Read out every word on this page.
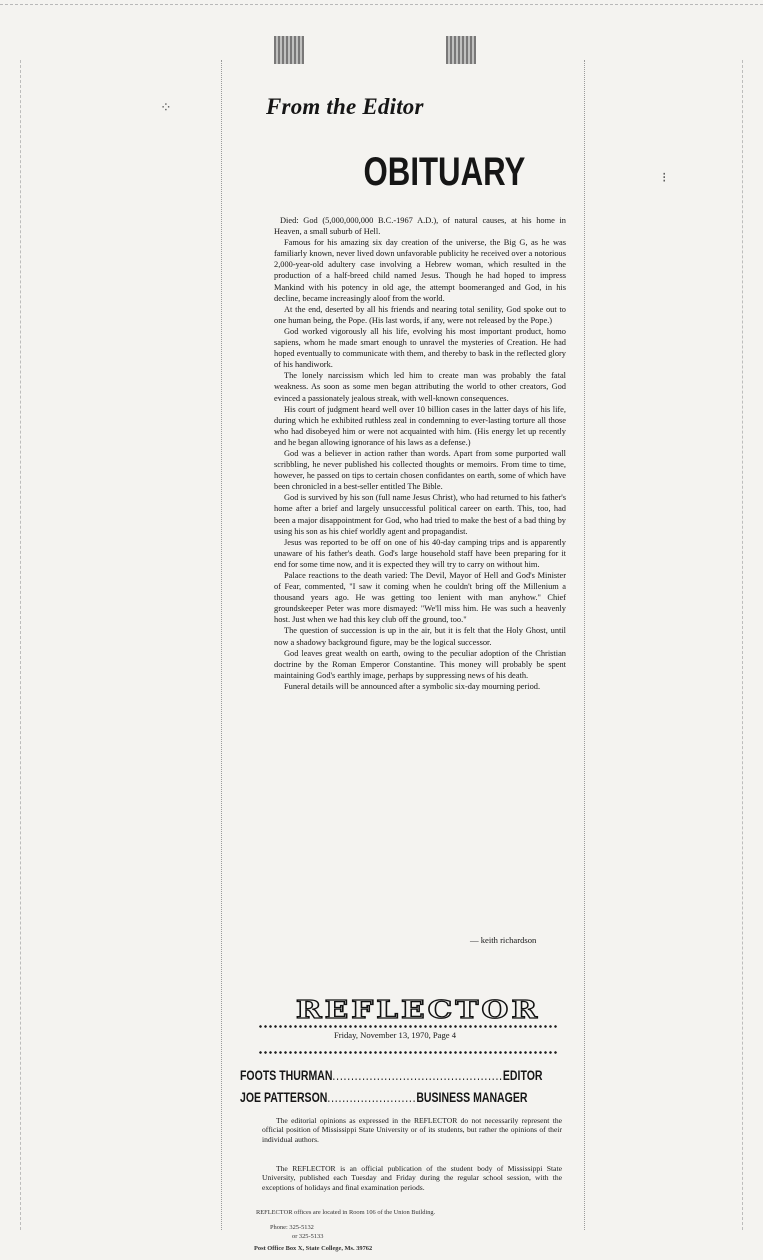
⁘
⁝
From the Editor
OBITUARY

Died: God (5,000,000,000 B.C.-1967 A.D.), of natural causes, at his home in Heaven, a small suburb of Hell.

Famous for his amazing six day creation of the universe, the Big G, as he was familiarly known, never lived down unfavorable publicity he received over a notorious 2,000-year-old adultery case involving a Hebrew woman, which resulted in the production of a half-breed child named Jesus. Though he had hoped to impress Mankind with his potency in old age, the attempt boomeranged and God, in his decline, became increasingly aloof from the world.

At the end, deserted by all his friends and nearing total senility, God spoke out to one human being, the Pope. (His last words, if any, were not released by the Pope.)

God worked vigorously all his life, evolving his most important product, homo sapiens, whom he made smart enough to unravel the mysteries of Creation. He had hoped eventually to communicate with them, and thereby to bask in the reflected glory of his handiwork.

The lonely narcissism which led him to create man was probably the fatal weakness. As soon as some men began attributing the world to other creators, God evinced a passionately jealous streak, with well-known consequences.

His court of judgment heard well over 10 billion cases in the latter days of his life, during which he exhibited ruthless zeal in condemning to ever-lasting torture all those who had disobeyed him or were not acquainted with him. (His energy let up recently and he began allowing ignorance of his laws as a defense.)

God was a believer in action rather than words. Apart from some purported wall scribbling, he never published his collected thoughts or memoirs. From time to time, however, he passed on tips to certain chosen confidantes on earth, some of which have been chronicled in a best-seller entitled The Bible.

God is survived by his son (full name Jesus Christ), who had returned to his father's home after a brief and largely unsuccessful political career on earth. This, too, had been a major disappointment for God, who had tried to make the best of a bad thing by using his son as his chief worldly agent and propagandist.

Jesus was reported to be off on one of his 40-day camping trips and is apparently unaware of his father's death. God's large household staff have been preparing for it end for some time now, and it is expected they will try to carry on without him.

Palace reactions to the death varied: The Devil, Mayor of Hell and God's Minister of Fear, commented, "I saw it coming when he couldn't bring off the Millenium a thousand years ago. He was getting too lenient with man anyhow." Chief groundskeeper Peter was more dismayed: "We'll miss him. He was such a heavenly host. Just when we had this key club off the ground, too."

The question of succession is up in the air, but it is felt that the Holy Ghost, until now a shadowy background figure, may be the logical successor.

God leaves great wealth on earth, owing to the peculiar adoption of the Christian doctrine by the Roman Emperor Constantine. This money will probably be spent maintaining God's earthly image, perhaps by suppressing news of his death.

Funeral details will be announced after a symbolic six-day mourning period.

— keith richardson
REFLECTOR
Friday, November 13, 1970, Page 4
FOOTS THURMAN..............................................EDITOR
JOE PATTERSON........................BUSINESS MANAGER

The editorial opinions as expressed in the REFLECTOR do not necessarily represent the official position of Mississippi State University or of its students, but rather the opinions of their individual authors.

The REFLECTOR is an official publication of the student body of Mississippi State University, published each Tuesday and Friday during the regular school session, with the exceptions of holidays and final examination periods.

REFLECTOR offices are located in Room 106 of the Union Building.
Phone: 325-5132
or 325-5133
Post Office Box X, State College, Ms. 39762
